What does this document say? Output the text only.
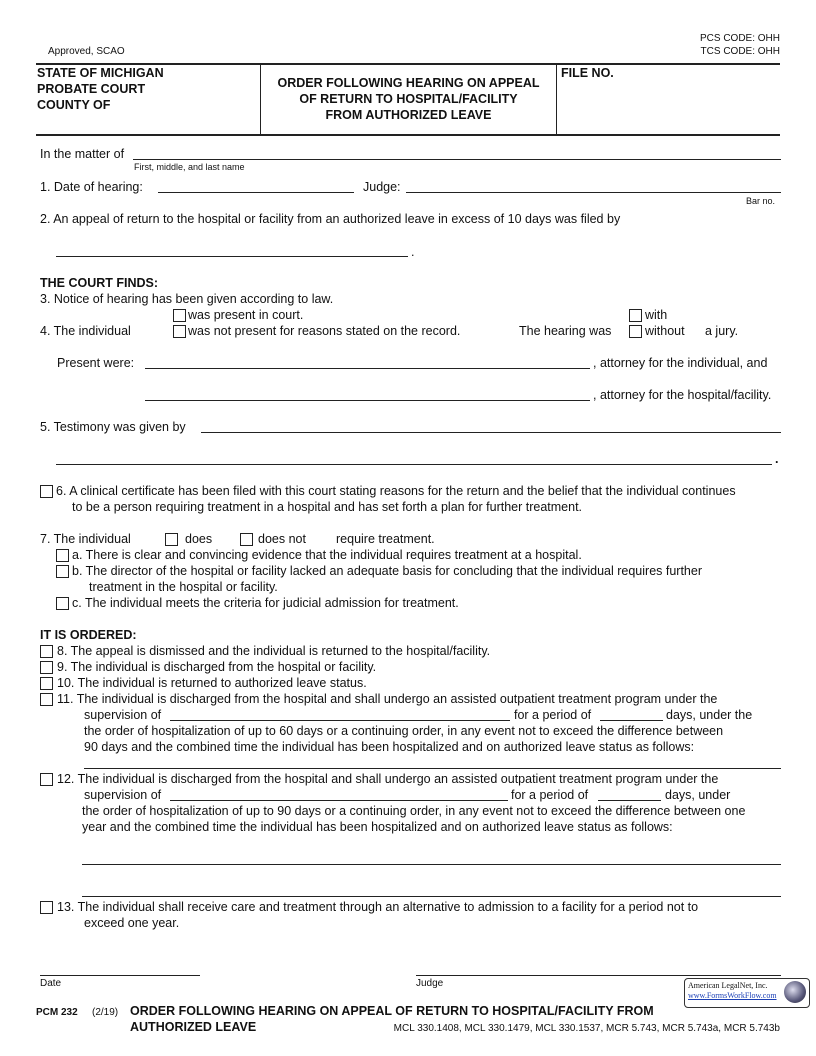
Approved, SCAO
PCS CODE: OHH
TCS CODE: OHH
STATE OF MICHIGAN
PROBATE COURT
COUNTY OF
ORDER FOLLOWING HEARING ON APPEAL
OF RETURN TO HOSPITAL/FACILITY
FROM AUTHORIZED LEAVE
FILE NO.
In the matter of
First, middle, and last name
1. Date of hearing:	Judge:
Bar no.
2. An appeal of return to the hospital or facility from an authorized leave in excess of 10 days was filed by
.
THE COURT FINDS:
3. Notice of hearing has been given according to law.
was present in court.
4. The individual	was not present for reasons stated on the record.	The hearing was
with
without a jury.
Present were:	, attorney for the individual, and
, attorney for the hospital/facility.
5. Testimony was given by
.
6. A clinical certificate has been filed with this court stating reasons for the return and the belief that the individual continues
to be a person requiring treatment in a hospital and has set forth a plan for further treatment.
7. The individual	does	does not require treatment.
a. There is clear and convincing evidence that the individual requires treatment at a hospital.
b. The director of the hospital or facility lacked an adequate basis for concluding that the individual requires further
treatment in the hospital or facility.
c. The individual meets the criteria for judicial admission for treatment.
IT IS ORDERED:
8. The appeal is dismissed and the individual is returned to the hospital/facility.
9. The individual is discharged from the hospital or facility.
10. The individual is returned to authorized leave status.
11. The individual is discharged from the hospital and shall undergo an assisted outpatient treatment program under the
supervision of	for a period of	days, under the
the order of hospitalization of up to 60 days or a continuing order, in any event not to exceed the difference between
90 days and the combined time the individual has been hospitalized and on authorized leave status as follows:
12. The individual is discharged from the hospital and shall undergo an assisted outpatient treatment program under the
supervision of	for a period of	days, under
the order of hospitalization of up to 90 days or a continuing order, in any event not to exceed the difference between one
year and the combined time the individual has been hospitalized and on authorized leave status as follows:
13. The individual shall receive care and treatment through an alternative to admission to a facility for a period not to
exceed one year.
Date	Judge	American LegalNet, Inc.
www.FormsWorkFlow.com
PCM 232 (2/19) ORDER FOLLOWING HEARING ON APPEAL OF RETURN TO HOSPITAL/FACILITY FROM
AUTHORIZED LEAVE	MCL 330.1408, MCL 330.1479, MCL 330.1537, MCR 5.743, MCR 5.743a, MCR 5.743b
